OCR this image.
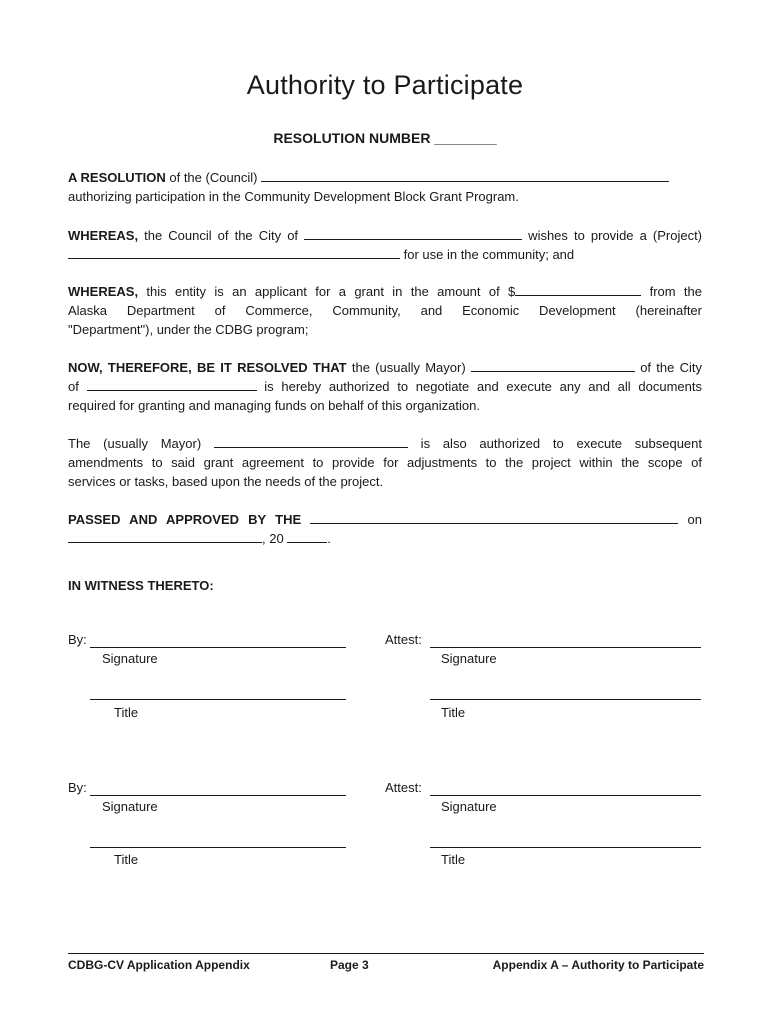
Authority to Participate
RESOLUTION NUMBER ________
A RESOLUTION of the (Council)
authorizing participation in the Community Development Block Grant Program.
WHEREAS, the Council of the City of	wishes to provide a (Project)
for use in the community; and
WHEREAS, this entity is an applicant for a grant in the amount of $	from the
Alaska Department of Commerce, Community, and Economic Development (hereinafter
"Department"), under the CDBG program;
NOW, THEREFORE, BE IT RESOLVED THAT the (usually Mayor)	of the City
of	is hereby authorized to negotiate and execute any and all documents
required for granting and managing funds on behalf of this organization.
The (usually Mayor)	is also authorized to execute subsequent
amendments to said grant agreement to provide for adjustments to the project within the scope of
services or tasks, based upon the needs of the project.
PASSED AND APPROVED BY THE	on
, 20	.
IN WITNESS THERETO:
By:
Signature
Title
Attest:
Signature
Title
By:
Signature
Title
Attest:
Signature
Title
CDBG-CV Application Appendix	Page 3	Appendix A – Authority to Participate
